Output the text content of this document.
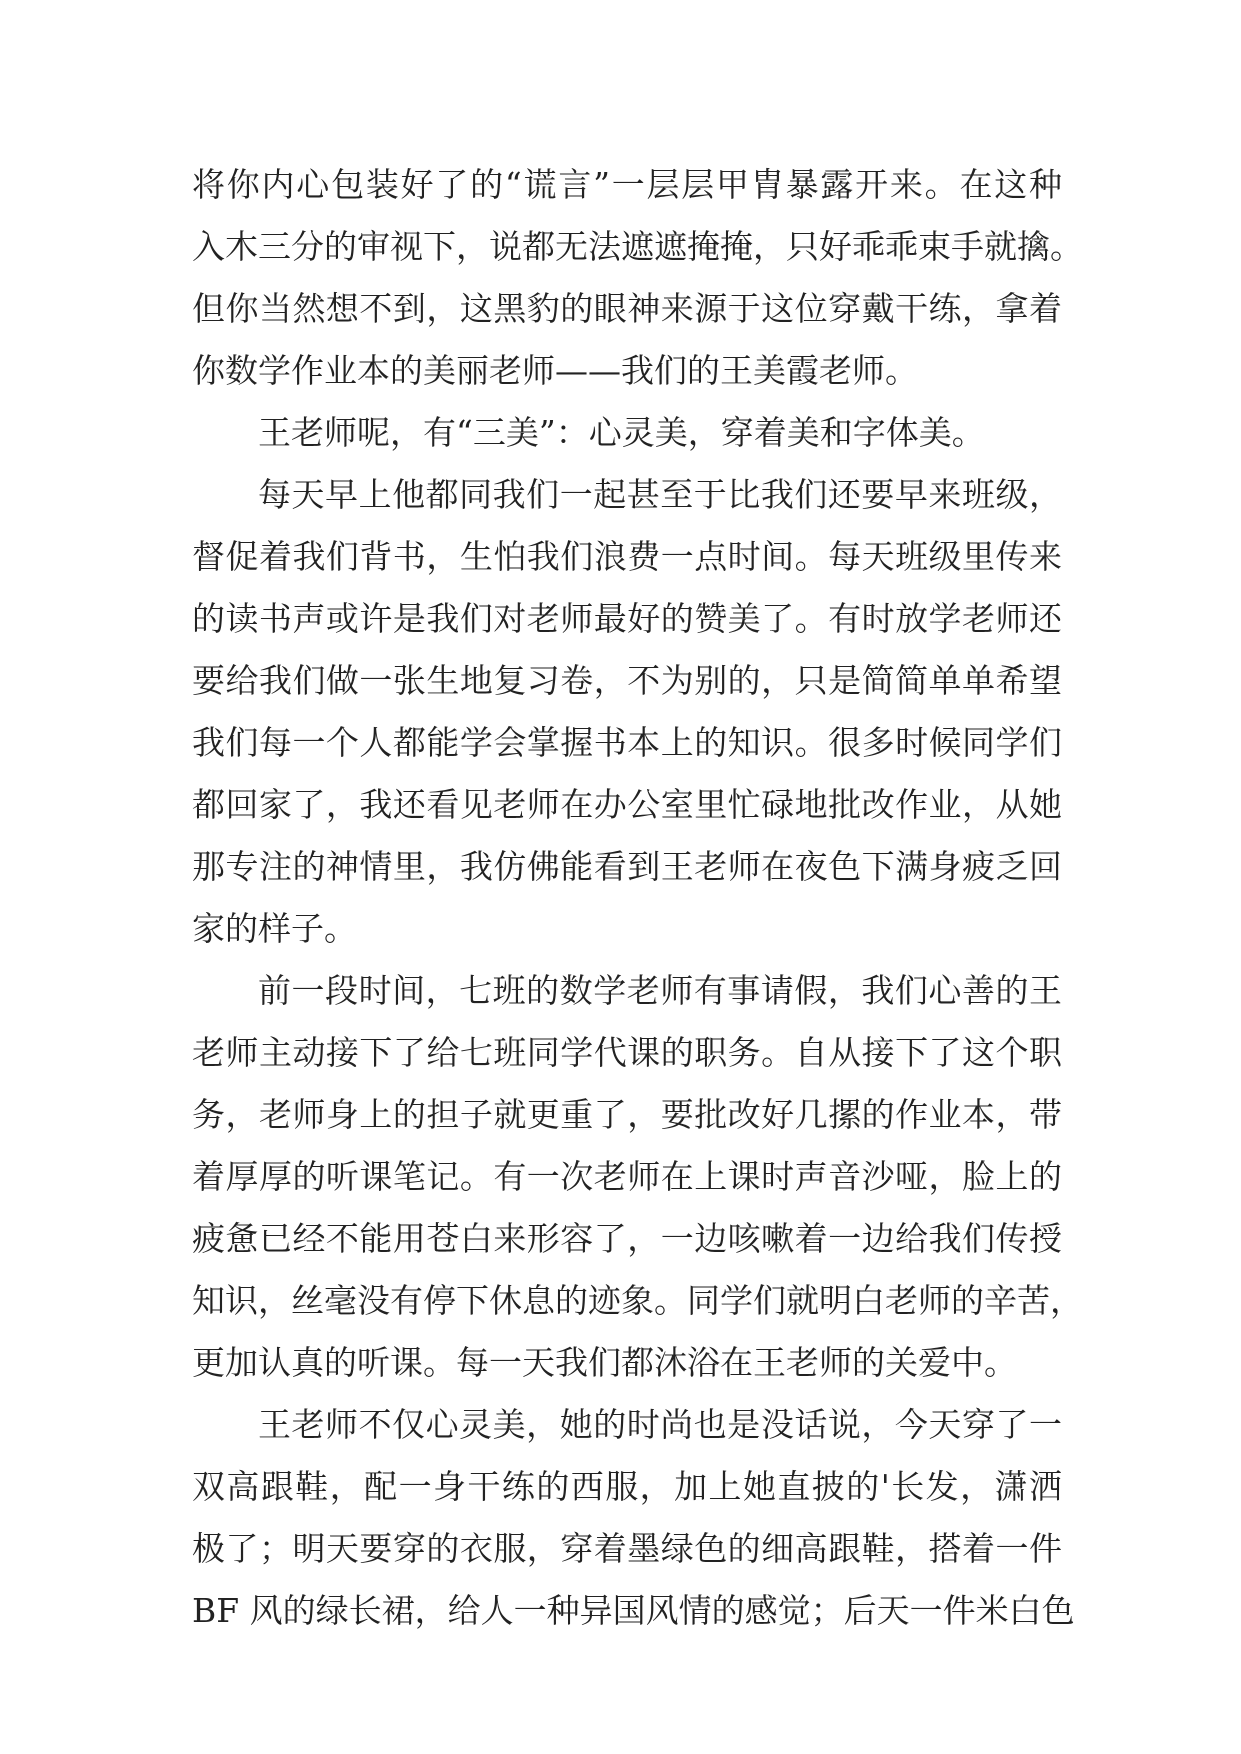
将你内心包装好了的“谎言”一层层甲胄暴露开来。在这种
入木三分的审视下，说都无法遮遮掩掩，只好乖乖束手就擒。
但你当然想不到，这黑豹的眼神来源于这位穿戴干练，拿着
你数学作业本的美丽老师——我们的王美霞老师。
王老师呢，有“三美”：心灵美，穿着美和字体美。
每天早上他都同我们一起甚至于比我们还要早来班级，
督促着我们背书，生怕我们浪费一点时间。每天班级里传来
的读书声或许是我们对老师最好的赞美了。有时放学老师还
要给我们做一张生地复习卷，不为别的，只是简简单单希望
我们每一个人都能学会掌握书本上的知识。很多时候同学们
都回家了，我还看见老师在办公室里忙碌地批改作业，从她
那专注的神情里，我仿佛能看到王老师在夜色下满身疲乏回
家的样子。
前一段时间，七班的数学老师有事请假，我们心善的王
老师主动接下了给七班同学代课的职务。自从接下了这个职
务，老师身上的担子就更重了，要批改好几摞的作业本，带
着厚厚的听课笔记。有一次老师在上课时声音沙哑，脸上的
疲惫已经不能用苍白来形容了，一边咳嗽着一边给我们传授
知识，丝毫没有停下休息的迹象。同学们就明白老师的辛苦，
更加认真的听课。每一天我们都沐浴在王老师的关爱中。
王老师不仅心灵美，她的时尚也是没话说，今天穿了一
双高跟鞋，配一身干练的西服，加上她直披的'长发，潇洒
极了；明天要穿的衣服，穿着墨绿色的细高跟鞋，搭着一件
BF 风的绿长裙，给人一种异国风情的感觉；后天一件米白色
